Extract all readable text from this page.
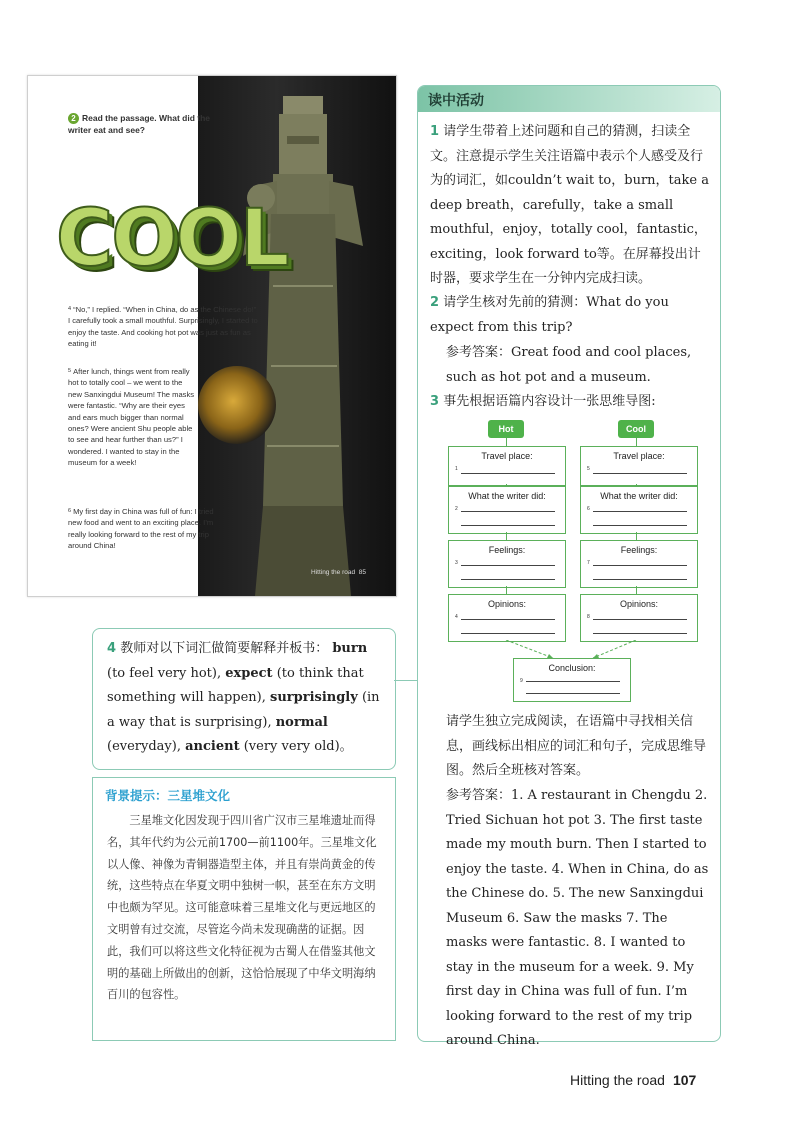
2 Read the passage. What did the writer eat and see?
COOL
$^4$ “No,” I replied. “When in China, do as the Chinese do!” I carefully took a small mouthful. Surprisingly, I started to enjoy the taste. And cooking hot pot was just as fun as eating it!
$^5$ After lunch, things went from really hot to totally cool – we went to the new Sanxingdui Museum! The masks were fantastic. “Why are their eyes and ears much bigger than normal ones? Were ancient Shu people able to see and hear further than us?” I wondered. I wanted to stay in the museum for a week!
$^6$ My first day in China was full of fun: I tried new food and went to an exciting place. I’m really looking forward to the rest of my trip around China!
Hitting the road 85
读中活动
1 请学生带着上述问题和自己的猜测，扫读全文。注意提示学生关注语篇中表示个人感受及行为的词汇，如couldn’t wait to，burn，take a deep breath，carefully，take a small mouthful，enjoy，totally cool，fantastic，exciting，look forward to等。在屏幕投出计时器，要求学生在一分钟内完成扫读。
2 请学生核对先前的猜测：What do you expect from this trip?
参考答案：Great food and cool places, such as hot pot and a museum.
3 事先根据语篇内容设计一张思维导图:
Hot	Cool
Travel place:
1
Travel place:
5
What the writer did:
2
What the writer did:
6
Feelings:
3
Feelings:
7
Opinions:
4
Opinions:
8
Conclusion:
9
请学生独立完成阅读，在语篇中寻找相关信息，画线标出相应的词汇和句子，完成思维导图。然后全班核对答案。
参考答案：1. A restaurant in Chengdu 2. Tried Sichuan hot pot 3. The first taste made my mouth burn. Then I started to enjoy the taste. 4. When in China, do as the Chinese do. 5. The new Sanxingdui Museum 6. Saw the masks 7. The masks were fantastic. 8. I wanted to stay in the museum for a week. 9. My first day in China was full of fun. I’m looking forward to the rest of my trip around China.
4 教师对以下词汇做简要解释并板书： burn (to feel very hot), expect (to think that something will happen), surprisingly (in a way that is surprising), normal (everyday), ancient (very very old)。
背景提示：三星堆文化
三星堆文化因发现于四川省广汉市三星堆遗址而得名，其年代约为公元前1700—前1100年。三星堆文化以人像、神像为青铜器造型主体，并且有崇尚黄金的传统，这些特点在华夏文明中独树一帜，甚至在东方文明中也颇为罕见。这可能意味着三星堆文化与更远地区的文明曾有过交流，尽管迄今尚未发现确凿的证据。因此，我们可以将这些文化特征视为古蜀人在借鉴其他文明的基础上所做出的创新，这恰恰展现了中华文明海纳百川的包容性。
Hitting the road 107
